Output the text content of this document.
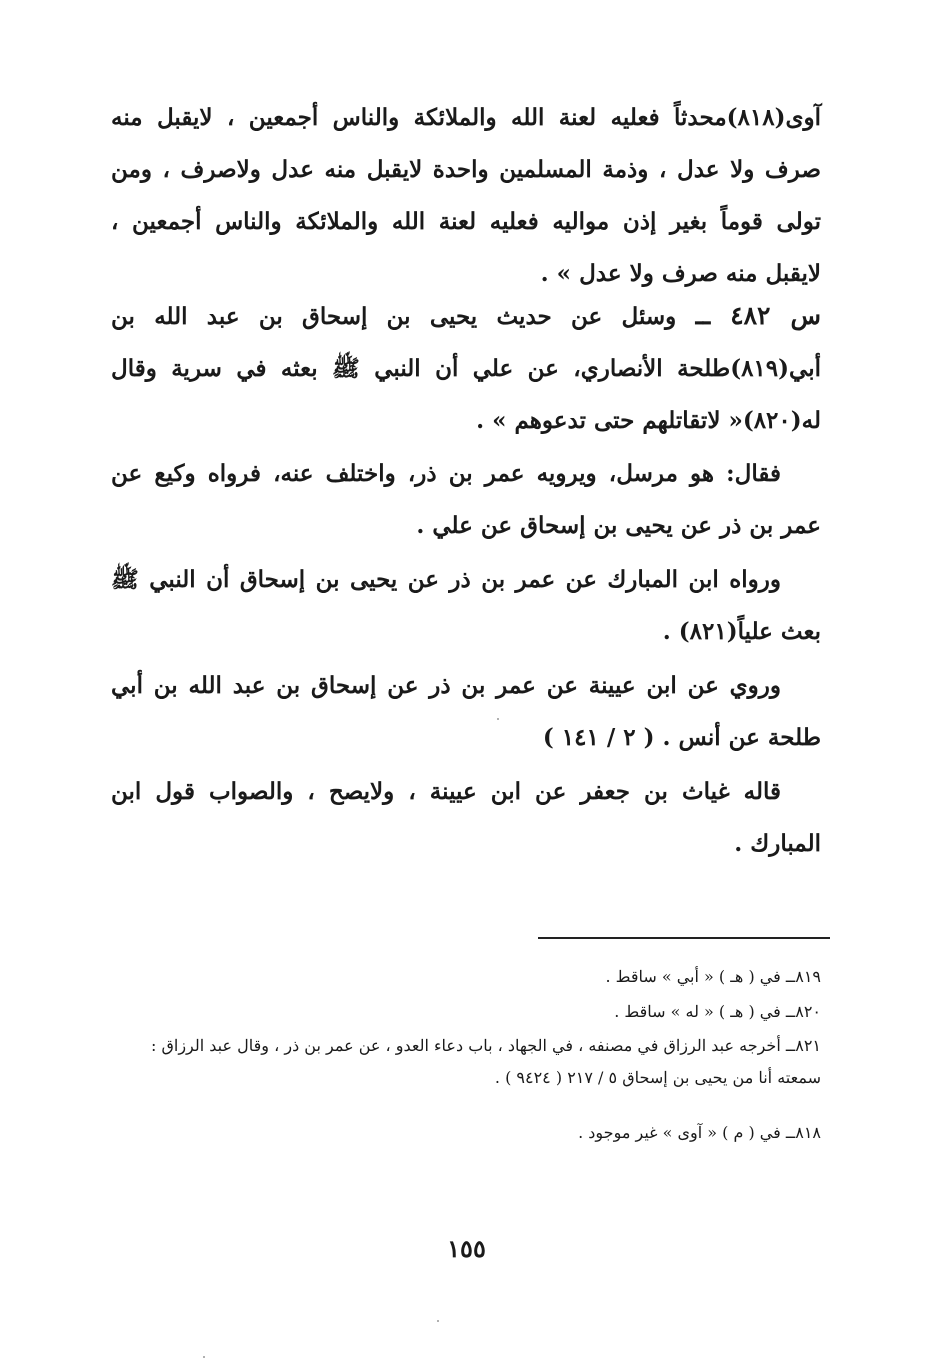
آوى(٨١٨)محدثاً فعليه لعنة الله والملائكة والناس أجمعين ، لايقبل منه صرف ولا عدل ، وذمة المسلمين واحدة لايقبل منه عدل ولاصرف ، ومن تولى قوماً بغير إذن مواليه فعليه لعنة الله والملائكة والناس أجمعين ، لايقبل منه صرف ولا عدل » .

س ٤٨٢ ــ وسئل عن حديث يحيى بن إسحاق بن عبد الله بن أبي(٨١٩)طلحة الأنصاري، عن علي أن النبي ﷺ بعثه في سرية وقال له(٨٢٠)« لاتقاتلهم حتى تدعوهم » .

فقال: هو مرسل، ويرويه عمر بن ذر، واختلف عنه، فرواه وكيع عن عمر بن ذر عن يحيى بن إسحاق عن علي .

ورواه ابن المبارك عن عمر بن ذر عن يحيى بن إسحاق أن النبي ﷺ بعث علياً(٨٢١) .

وروي عن ابن عيينة عن عمر بن ذر عن إسحاق بن عبد الله بن أبي طلحة عن أنس . ( ٢ / ١٤١ )

قاله غياث بن جعفر عن ابن عيينة ، ولايصح ، والصواب قول ابن المبارك .

٨١٩ــ في ( هـ ) « أبي » ساقط .
٨٢٠ــ في ( هـ ) « له » ساقط .
٨٢١ــ أخرجه عبد الرزاق في مصنفه ، في الجهاد ، باب دعاء العدو ، عن عمر بن ذر ، وقال عبد الرزاق : سمعته أنا من يحيى بن إسحاق ٥ / ٢١٧ ( ٩٤٢٤ ) .
٨١٨ــ في ( م ) « آوى » غير موجود .
١٥٥
